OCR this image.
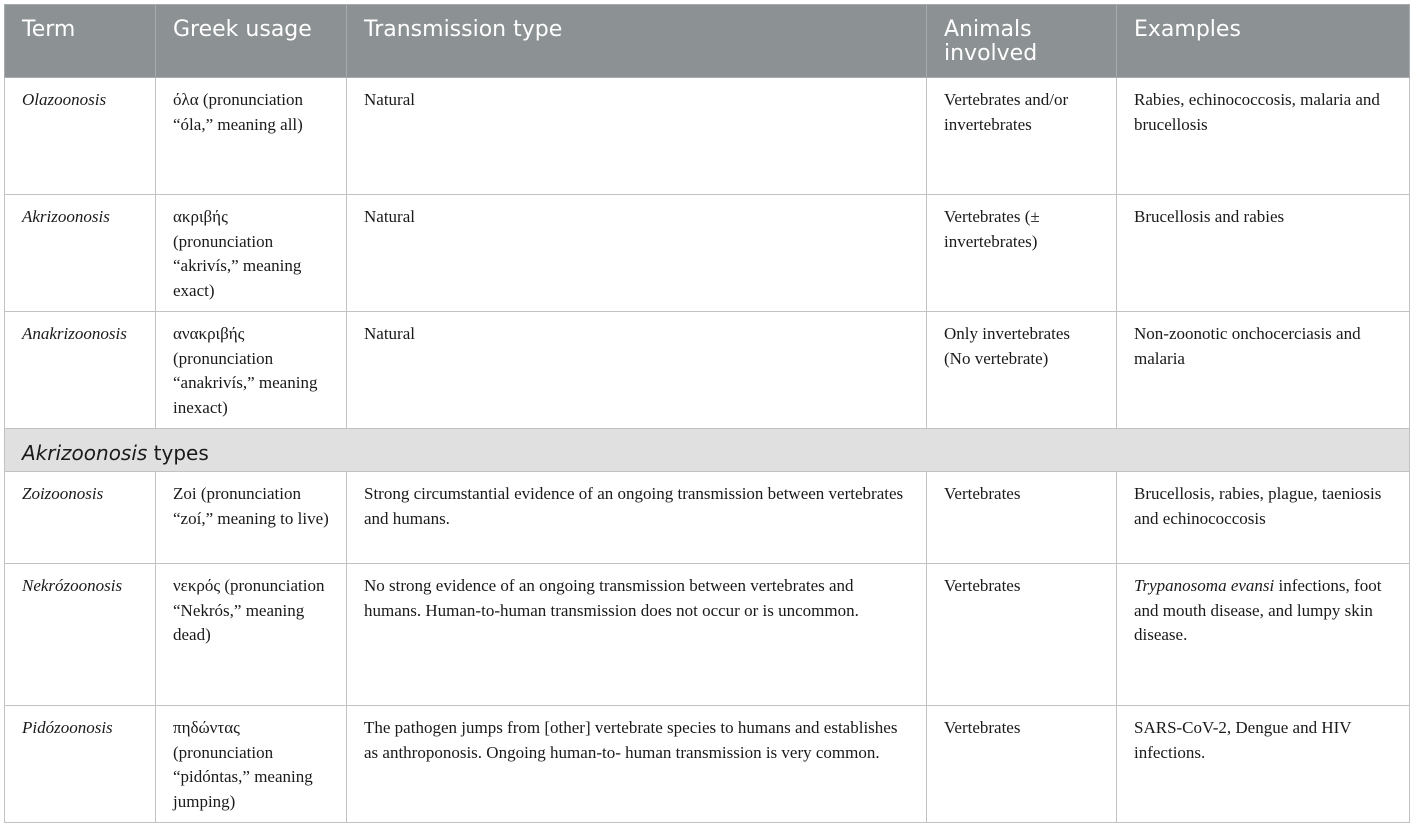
Term	Greek usage	Transmission type	Animals involved	Examples
Olazoonosis	όλα (pronunciation “óla,” meaning all)	Natural	Vertebrates and/or invertebrates	Rabies, echinococcosis, malaria and brucellosis
Akrizoonosis	ακριβής (pronunciation “akrivís,” meaning exact)	Natural	Vertebrates (± invertebrates)	Brucellosis and rabies
Anakrizoonosis	ανακριβής (pronunciation “anakrivís,” meaning inexact)	Natural	Only invertebrates (No vertebrate)	Non-zoonotic onchocerciasis and malaria
Akrizoonosis types				
Zoizoonosis	Zoi (pronunciation “zoí,” meaning to live)	Strong circumstantial evidence of an ongoing transmission between vertebrates and humans.	Vertebrates	Brucellosis, rabies, plague, taeniosis and echinococcosis
Nekrózoonosis	νεκρός (pronunciation “Nekrós,” meaning dead)	No strong evidence of an ongoing transmission between vertebrates and humans. Human-to-human transmission does not occur or is uncommon.	Vertebrates	Trypanosoma evansi infections, foot and mouth disease, and lumpy skin disease.
Pidózoonosis	πηδώντας (pronunciation “pidóntas,” meaning jumping)	The pathogen jumps from [other] vertebrate species to humans and establishes as anthroponosis. Ongoing human-to- human transmission is very common.	Vertebrates	SARS-CoV-2, Dengue and HIV infections.
